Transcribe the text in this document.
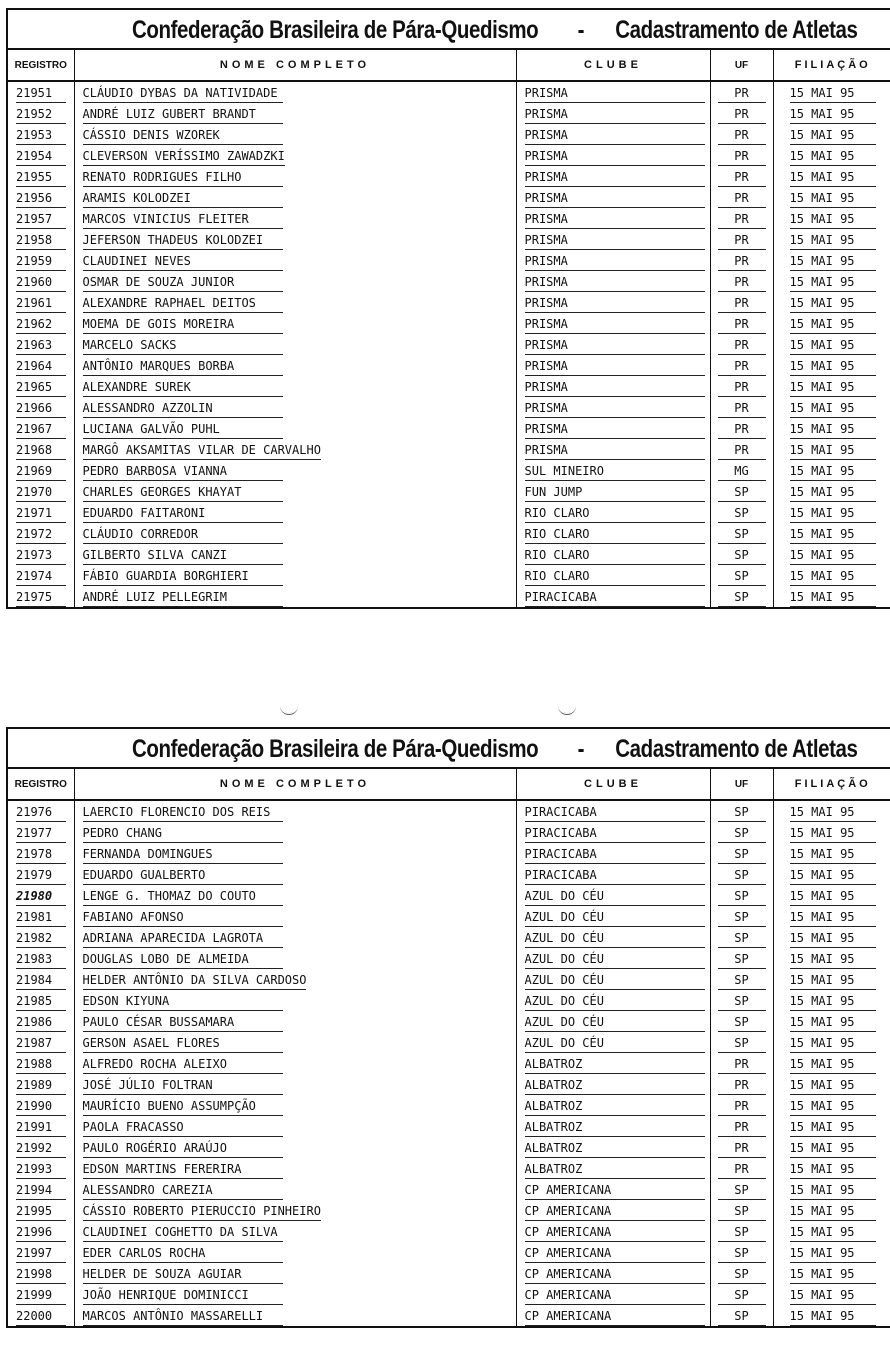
Confederação Brasileira de Pára-Quedismo - Cadastramento de Atletas
REGISTRO	NOME COMPLETO	CLUBE	UF	FILIAÇÃO
21951	CLÁUDIO DYBAS DA NATIVIDADE	PRISMA	PR	15 MAI 95
21952	ANDRÉ LUIZ GUBERT BRANDT	PRISMA	PR	15 MAI 95
21953	CÁSSIO DENIS WZOREK	PRISMA	PR	15 MAI 95
21954	CLEVERSON VERÍSSIMO ZAWADZKI	PRISMA	PR	15 MAI 95
21955	RENATO RODRIGUES FILHO	PRISMA	PR	15 MAI 95
21956	ARAMIS KOLODZEI	PRISMA	PR	15 MAI 95
21957	MARCOS VINICIUS FLEITER	PRISMA	PR	15 MAI 95
21958	JEFERSON THADEUS KOLODZEI	PRISMA	PR	15 MAI 95
21959	CLAUDINEI NEVES	PRISMA	PR	15 MAI 95
21960	OSMAR DE SOUZA JUNIOR	PRISMA	PR	15 MAI 95
21961	ALEXANDRE RAPHAEL DEITOS	PRISMA	PR	15 MAI 95
21962	MOEMA DE GOIS MOREIRA	PRISMA	PR	15 MAI 95
21963	MARCELO SACKS	PRISMA	PR	15 MAI 95
21964	ANTÔNIO MARQUES BORBA	PRISMA	PR	15 MAI 95
21965	ALEXANDRE SUREK	PRISMA	PR	15 MAI 95
21966	ALESSANDRO AZZOLIN	PRISMA	PR	15 MAI 95
21967	LUCIANA GALVÃO PUHL	PRISMA	PR	15 MAI 95
21968	MARGÔ AKSAMITAS VILAR DE CARVALHO	PRISMA	PR	15 MAI 95
21969	PEDRO BARBOSA VIANNA	SUL MINEIRO	MG	15 MAI 95
21970	CHARLES GEORGES KHAYAT	FUN JUMP	SP	15 MAI 95
21971	EDUARDO FAITARONI	RIO CLARO	SP	15 MAI 95
21972	CLÁUDIO CORREDOR	RIO CLARO	SP	15 MAI 95
21973	GILBERTO SILVA CANZI	RIO CLARO	SP	15 MAI 95
21974	FÁBIO GUARDIA BORGHIERI	RIO CLARO	SP	15 MAI 95
21975	ANDRÉ LUIZ PELLEGRIM	PIRACICABA	SP	15 MAI 95
Confederação Brasileira de Pára-Quedismo - Cadastramento de Atletas
REGISTRO	NOME COMPLETO	CLUBE	UF	FILIAÇÃO
21976	LAERCIO FLORENCIO DOS REIS	PIRACICABA	SP	15 MAI 95
21977	PEDRO CHANG	PIRACICABA	SP	15 MAI 95
21978	FERNANDA DOMINGUES	PIRACICABA	SP	15 MAI 95
21979	EDUARDO GUALBERTO	PIRACICABA	SP	15 MAI 95
21980	LENGE G. THOMAZ DO COUTO	AZUL DO CÉU	SP	15 MAI 95
21981	FABIANO AFONSO	AZUL DO CÉU	SP	15 MAI 95
21982	ADRIANA APARECIDA LAGROTA	AZUL DO CÉU	SP	15 MAI 95
21983	DOUGLAS LOBO DE ALMEIDA	AZUL DO CÉU	SP	15 MAI 95
21984	HELDER ANTÔNIO DA SILVA CARDOSO	AZUL DO CÉU	SP	15 MAI 95
21985	EDSON KIYUNA	AZUL DO CÉU	SP	15 MAI 95
21986	PAULO CÉSAR BUSSAMARA	AZUL DO CÉU	SP	15 MAI 95
21987	GERSON ASAEL FLORES	AZUL DO CÉU	SP	15 MAI 95
21988	ALFREDO ROCHA ALEIXO	ALBATROZ	PR	15 MAI 95
21989	JOSÉ JÚLIO FOLTRAN	ALBATROZ	PR	15 MAI 95
21990	MAURÍCIO BUENO ASSUMPÇÃO	ALBATROZ	PR	15 MAI 95
21991	PAOLA FRACASSO	ALBATROZ	PR	15 MAI 95
21992	PAULO ROGÉRIO ARAÚJO	ALBATROZ	PR	15 MAI 95
21993	EDSON MARTINS FERERIRA	ALBATROZ	PR	15 MAI 95
21994	ALESSANDRO CAREZIA	CP AMERICANA	SP	15 MAI 95
21995	CÁSSIO ROBERTO PIERUCCIO PINHEIRO	CP AMERICANA	SP	15 MAI 95
21996	CLAUDINEI COGHETTO DA SILVA	CP AMERICANA	SP	15 MAI 95
21997	EDER CARLOS ROCHA	CP AMERICANA	SP	15 MAI 95
21998	HELDER DE SOUZA AGUIAR	CP AMERICANA	SP	15 MAI 95
21999	JOÃO HENRIQUE DOMINICCI	CP AMERICANA	SP	15 MAI 95
22000	MARCOS ANTÔNIO MASSARELLI	CP AMERICANA	SP	15 MAI 95
